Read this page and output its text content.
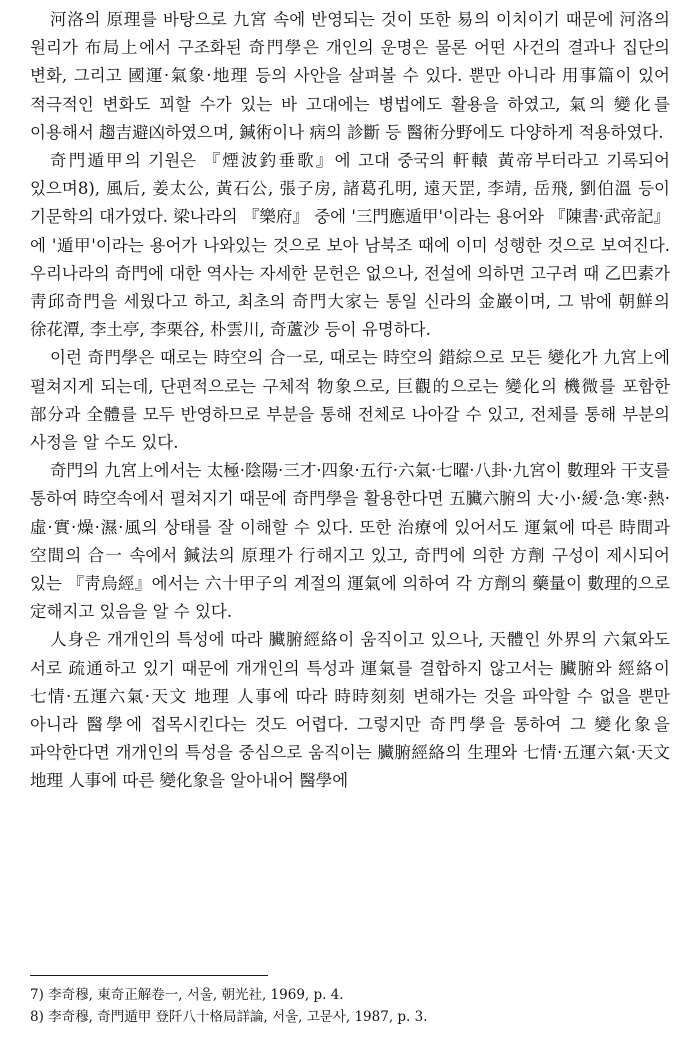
河洛의 原理를 바탕으로 九宮 속에 반영되는 것이 또한 易의 이치이기 때문에 河洛의 원리가 布局上에서 구조화된 奇門學은 개인의 운명은 물론 어떤 사건의 결과나 집단의 변화, 그리고 國運·氣象·地理 등의 사안을 살펴볼 수 있다. 뿐만 아니라 用事篇이 있어 적극적인 변화도 꾀할 수가 있는 바 고대에는 병법에도 활용을 하였고, 氣의 變化를 이용해서 趨吉避凶하였으며, 鍼術이나 病의 診斷 등 醫術分野에도 다양하게 적용하였다.

奇門遁甲의 기원은 『煙波釣垂歌』에 고대 중국의 軒轅 黃帝부터라고 기록되어 있으며8), 風后, 姜太公, 黃石公, 張子房, 諸葛孔明, 遠天罡, 李靖, 岳飛, 劉伯溫 등이 기문학의 대가였다. 梁나라의 『樂府』 중에 '三門應遁甲'이라는 용어와 『陳書·武帝記』에 '遁甲'이라는 용어가 나와있는 것으로 보아 남북조 때에 이미 성행한 것으로 보여진다. 우리나라의 奇門에 대한 역사는 자세한 문헌은 없으나, 전설에 의하면 고구려 때 乙巴素가 靑邱奇門을 세웠다고 하고, 최초의 奇門大家는 통일 신라의 金巖이며, 그 밖에 朝鮮의 徐花潭, 李土亭, 李栗谷, 朴雲川, 奇蘆沙 등이 유명하다.

이런 奇門學은 때로는 時空의 合一로, 때로는 時空의 錯綜으로 모든 變化가 九宮上에 펼쳐지게 되는데, 단편적으로는 구체적 物象으로, 巨觀的으로는 變化의 機微를 포함한 部分과 全體를 모두 반영하므로 부분을 통해 전체로 나아갈 수 있고, 전체를 통해 부분의 사정을 알 수도 있다.

奇門의 九宮上에서는 太極·陰陽·三才·四象·五行·六氣·七曜·八卦·九宮이 數理와 干支를 통하여 時空속에서 펼쳐지기 때문에 奇門學을 활용한다면 五臟六腑의 大·小·緩·急·寒·熱·虛·實·燥·濕·風의 상태를 잘 이해할 수 있다. 또한 治療에 있어서도 運氣에 따른 時間과 空間의 合一 속에서 鍼法의 原理가 行해지고 있고, 奇門에 의한 方劑 구성이 제시되어 있는 『靑烏經』에서는 六十甲子의 계절의 運氣에 의하여 각 方劑의 藥量이 數理的으로 定해지고 있음을 알 수 있다.

人身은 개개인의 특성에 따라 臟腑經絡이 움직이고 있으나, 天體인 外界의 六氣와도 서로 疏通하고 있기 때문에 개개인의 특성과 運氣를 결합하지 않고서는 臟腑와 經絡이 七情·五運六氣·天文 地理 人事에 따라 時時刻刻 변해가는 것을 파악할 수 없을 뿐만 아니라 醫學에 접목시킨다는 것도 어렵다. 그렇지만 奇門學을 통하여 그 變化象을 파악한다면 개개인의 특성을 중심으로 움직이는 臟腑經絡의 生理와 七情·五運六氣·天文 地理 人事에 따른 變化象을 알아내어 醫學에

7) 李奇穆, 東奇正解卷一, 서울, 朝光社, 1969, p. 4.
8) 李奇穆, 奇門遁甲 登阡八十格局詳論, 서울, 고문사, 1987, p. 3.
